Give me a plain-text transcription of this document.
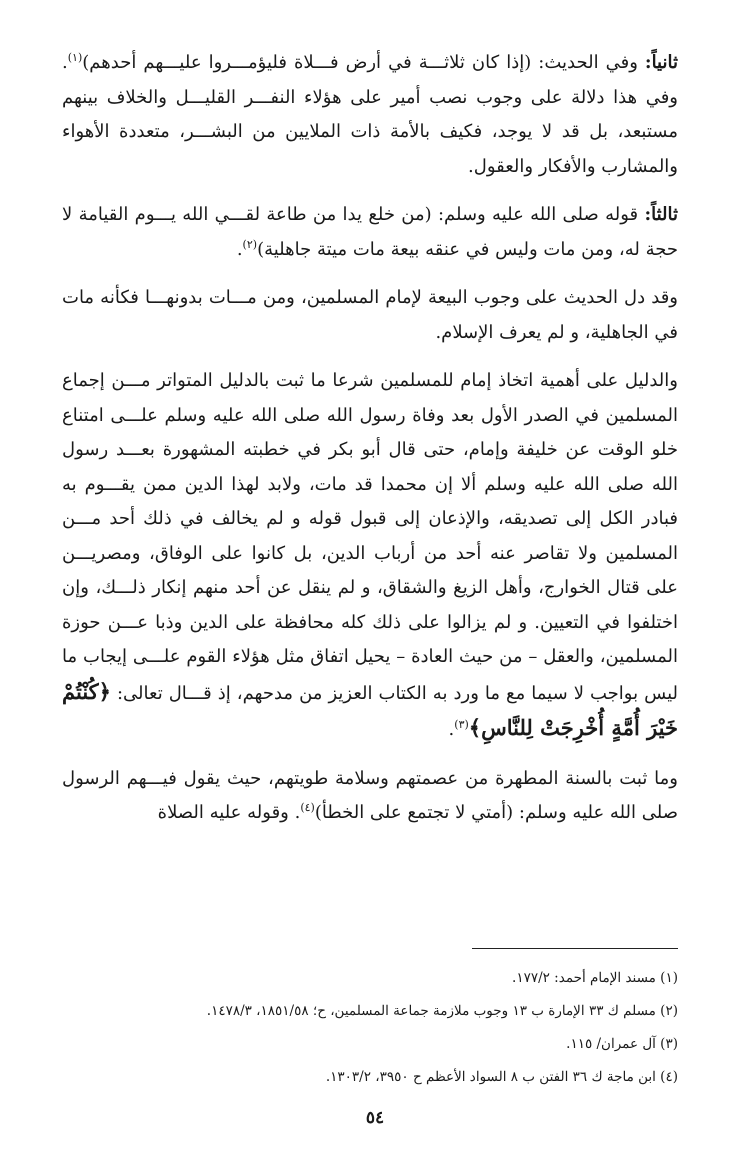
ثانياً: وفي الحديث: (إذا كان ثلاثـــة في أرض فـــلاة فليؤمـــروا عليـــهم أحدهم)$^{(١)}$. وفي هذا دلالة على وجوب نصب أمير على هؤلاء النفـــر القليـــل والخلاف بينهم مستبعد، بل قد لا يوجد، فكيف بالأمة ذات الملايين من البشـــر، متعددة الأهواء والمشارب والأفكار والعقول.

ثالثاً: قوله صلى الله عليه وسلم: (من خلع يدا من طاعة لقـــي الله يـــوم القيامة لا حجة له، ومن مات وليس في عنقه بيعة مات ميتة جاهلية)$^{(٢)}$.

وقد دل الحديث على وجوب البيعة لإمام المسلمين، ومن مـــات بدونهـــا فكأنه مات في الجاهلية، و لم يعرف الإسلام.

والدليل على أهمية اتخاذ إمام للمسلمين شرعا ما ثبت بالدليل المتواتر مـــن إجماع المسلمين في الصدر الأول بعد وفاة رسول الله صلى الله عليه وسلم علـــى امتناع خلو الوقت عن خليفة وإمام، حتى قال أبو بكر في خطبته المشهورة بعـــد رسول الله صلى الله عليه وسلم ألا إن محمدا قد مات، ولابد لهذا الدين ممن يقـــوم به فبادر الكل إلى تصديقه، والإذعان إلى قبول قوله و لم يخالف في ذلك أحد مـــن المسلمين ولا تقاصر عنه أحد من أرباب الدين، بل كانوا على الوفاق، ومصريـــن على قتال الخوارج، وأهل الزيغ والشقاق، و لم ينقل عن أحد منهم إنكار ذلـــك، وإن اختلفوا في التعيين. و لم يزالوا على ذلك كله محافظة على الدين وذبا عـــن حوزة المسلمين، والعقل – من حيث العادة – يحيل اتفاق مثل هؤلاء القوم علـــى إيجاب ما ليس بواجب لا سيما مع ما ورد به الكتاب العزيز من مدحهم، إذ قـــال تعالى: ﴿كُنْتُمْ خَيْرَ أُمَّةٍ أُخْرِجَتْ لِلنَّاسِ﴾$^{(٣)}$.

وما ثبت بالسنة المطهرة من عصمتهم وسلامة طويتهم، حيث يقول فيـــهم الرسول صلى الله عليه وسلم: (أمتي لا تجتمع على الخطأ)$^{(٤)}$. وقوله عليه الصلاة

(١) مسند الإمام أحمد: ١٧٧/٢.

(٢) مسلم ك ٣٣ الإمارة ب ١٣ وجوب ملازمة جماعة المسلمين، ح؛ ١٨٥١/٥٨، ١٤٧٨/٣.

(٣) آل عمران/ ١١٥.

(٤) ابن ماجة ك ٣٦ الفتن ب ٨ السواد الأعظم ح ٣٩٥٠، ١٣٠٣/٢.

٥٤
